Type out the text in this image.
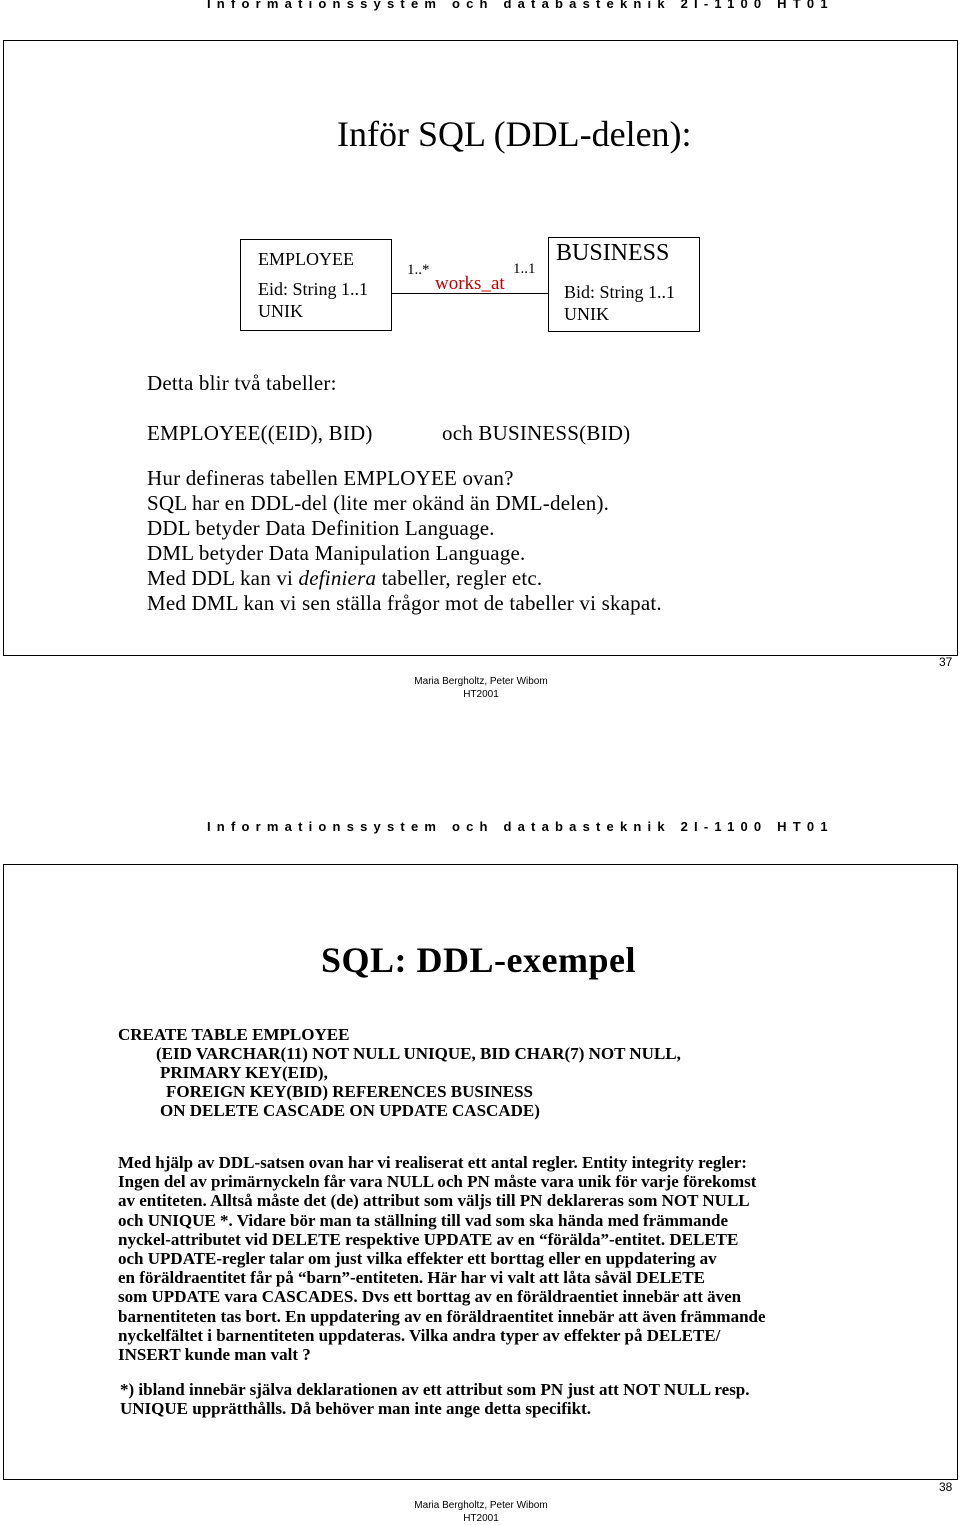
Informationssystem och databasteknik 2I-1100 HT01
Inför SQL (DDL-delen):
EMPLOYEE
Eid: String 1..1
UNIK
1..*	1..1
works_at
BUSINESS
Bid: String 1..1
UNIK
Detta blir två tabeller:
EMPLOYEE((EID), BID)	och BUSINESS(BID)
Hur defineras tabellen EMPLOYEE ovan?
SQL har en DDL-del (lite mer okänd än DML-delen).
DDL betyder Data Definition Language.
DML betyder Data Manipulation Language.
Med DDL kan vi definiera tabeller, regler etc.
Med DML kan vi sen ställa frågor mot de tabeller vi skapat.
37
Maria Bergholtz, Peter Wibom
HT2001
Informationssystem och databasteknik 2I-1100 HT01
SQL: DDL-exempel
CREATE TABLE EMPLOYEE
(EID VARCHAR(11) NOT NULL UNIQUE, BID CHAR(7) NOT NULL,
PRIMARY KEY(EID),
FOREIGN KEY(BID) REFERENCES BUSINESS
ON DELETE CASCADE ON UPDATE CASCADE)
Med hjälp av DDL-satsen ovan har vi realiserat ett antal regler. Entity integrity regler:
Ingen del av primärnyckeln får vara NULL och PN måste vara unik för varje förekomst
av entiteten. Alltså måste det (de) attribut som väljs till PN deklareras som NOT NULL
och UNIQUE *. Vidare bör man ta ställning till vad som ska hända med främmande
nyckel-attributet vid DELETE respektive UPDATE av en “förälda”-entitet. DELETE
och UPDATE-regler talar om just vilka effekter ett borttag eller en uppdatering av
en föräldraentitet får på “barn”-entiteten. Här har vi valt att låta såväl DELETE
som UPDATE vara CASCADES. Dvs ett borttag av en föräldraentiet innebär att även
barnentiteten tas bort. En uppdatering av en föräldraentitet innebär att även främmande
nyckelfältet i barnentiteten uppdateras. Vilka andra typer av effekter på DELETE/
INSERT kunde man valt ?
*) ibland innebär själva deklarationen av ett attribut som PN just att NOT NULL resp.
UNIQUE upprätthålls. Då behöver man inte ange detta specifikt.
38
Maria Bergholtz, Peter Wibom
HT2001
